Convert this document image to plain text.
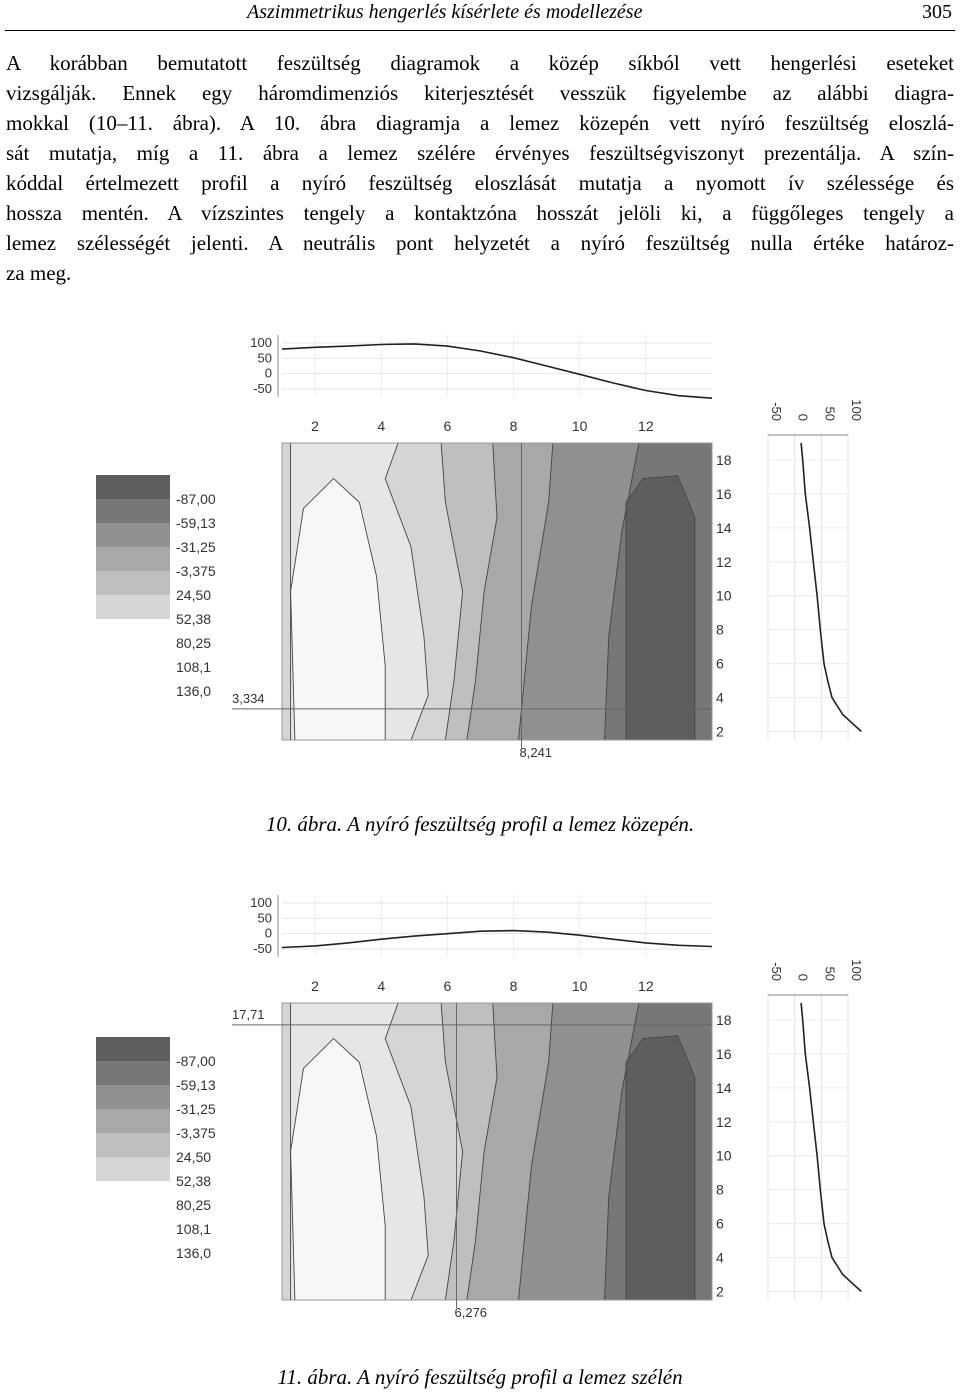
Aszimmetrikus hengerlés kísérlete és modellezése	305

A korábban bemutatott feszültség diagramok a közép síkból vett hengerlési eseteket
vizsgálják. Ennek egy háromdimenziós kiterjesztését vesszük figyelembe az alábbi diagra-
mokkal (10–11. ábra). A 10. ábra diagramja a lemez közepén vett nyíró feszültség eloszlá-
sát mutatja, míg a 11. ábra a lemez szélére érvényes feszültségviszonyt prezentálja. A szín-
kóddal értelmezett profil a nyíró feszültség eloszlását mutatja a nyomott ív szélessége és
hossza mentén. A vízszintes tengely a kontaktzóna hosszát jelöli ki, a függőleges tengely a
lemez szélességét jelenti. A neutrális pont helyzetét a nyíró feszültség nulla értéke határoz-
za meg.

100
50
0
-50
2	4	6	8	10	12
8,241
3,334
2
4
6
8
10
12
14
16
18
-50 0 50 100
-87,00
-59,13
-31,25
-3,375
24,50
52,38
80,25
108,1
136,0
10. ábra. A nyíró feszültség profil a lemez közepén.
100
50
0
-50
2	4	6	8	10	12
6,276
17,71
2
4
6
8
10
12
14
16
18
-50 0 50 100
-87,00
-59,13
-31,25
-3,375
24,50
52,38
80,25
108,1
136,0
11. ábra. A nyíró feszültség profil a lemez szélén
